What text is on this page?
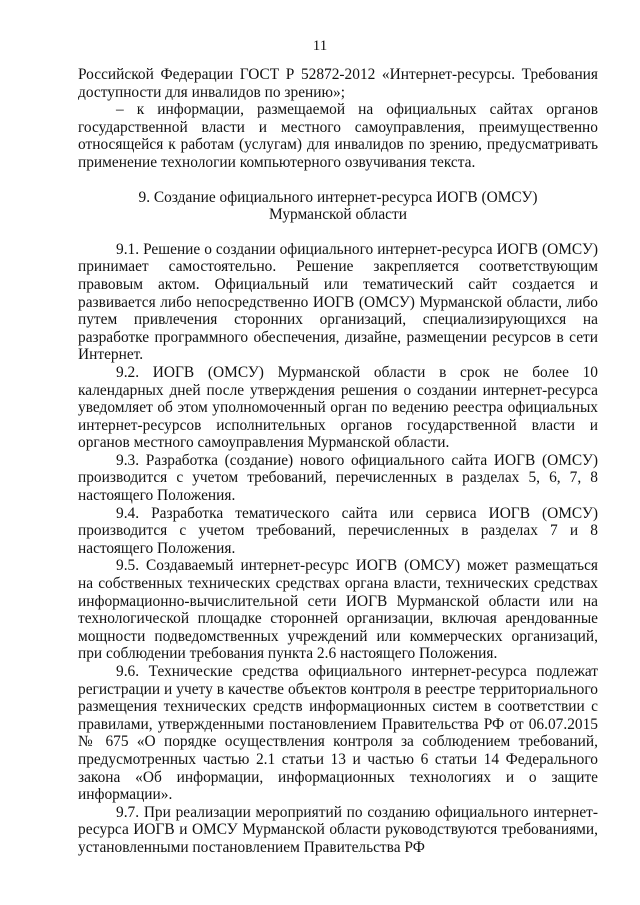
11

Российской Федерации ГОСТ Р 52872-2012 «Интернет-ресурсы. Требования доступности для инвалидов по зрению»;

– к информации, размещаемой на официальных сайтах органов государственной власти и местного самоуправления, преимущественно относящейся к работам (услугам) для инвалидов по зрению, предусматривать применение технологии компьютерного озвучивания текста.

9. Создание официального интернет-ресурса ИОГВ (ОМСУ)
Мурманской области

9.1. Решение о создании официального интернет-ресурса ИОГВ (ОМСУ) принимает самостоятельно. Решение закрепляется соответствующим правовым актом. Официальный или тематический сайт создается и развивается либо непосредственно ИОГВ (ОМСУ) Мурманской области, либо путем привлечения сторонних организаций, специализирующихся на разработке программного обеспечения, дизайне, размещении ресурсов в сети Интернет.

9.2. ИОГВ (ОМСУ) Мурманской области в срок не более 10 календарных дней после утверждения решения о создании интернет-ресурса уведомляет об этом уполномоченный орган по ведению реестра официальных интернет-ресурсов исполнительных органов государственной власти и органов местного самоуправления Мурманской области.

9.3. Разработка (создание) нового официального сайта ИОГВ (ОМСУ) производится с учетом требований, перечисленных в разделах 5, 6, 7, 8 настоящего Положения.

9.4. Разработка тематического сайта или сервиса ИОГВ (ОМСУ) производится с учетом требований, перечисленных в разделах 7 и 8 настоящего Положения.

9.5. Создаваемый интернет-ресурс ИОГВ (ОМСУ) может размещаться на собственных технических средствах органа власти, технических средствах информационно-вычислительной сети ИОГВ Мурманской области или на технологической площадке сторонней организации, включая арендованные мощности подведомственных учреждений или коммерческих организаций, при соблюдении требования пункта 2.6 настоящего Положения.

9.6. Технические средства официального интернет-ресурса подлежат регистрации и учету в качестве объектов контроля в реестре территориального размещения технических средств информационных систем в соответствии с правилами, утвержденными постановлением Правительства РФ от 06.07.2015 № 675 «О порядке осуществления контроля за соблюдением требований, предусмотренных частью 2.1 статьи 13 и частью 6 статьи 14 Федерального закона «Об информации, информационных технологиях и о защите информации».

9.7. При реализации мероприятий по созданию официального интернет-ресурса ИОГВ и ОМСУ Мурманской области руководствуются требованиями, установленными постановлением Правительства РФ
